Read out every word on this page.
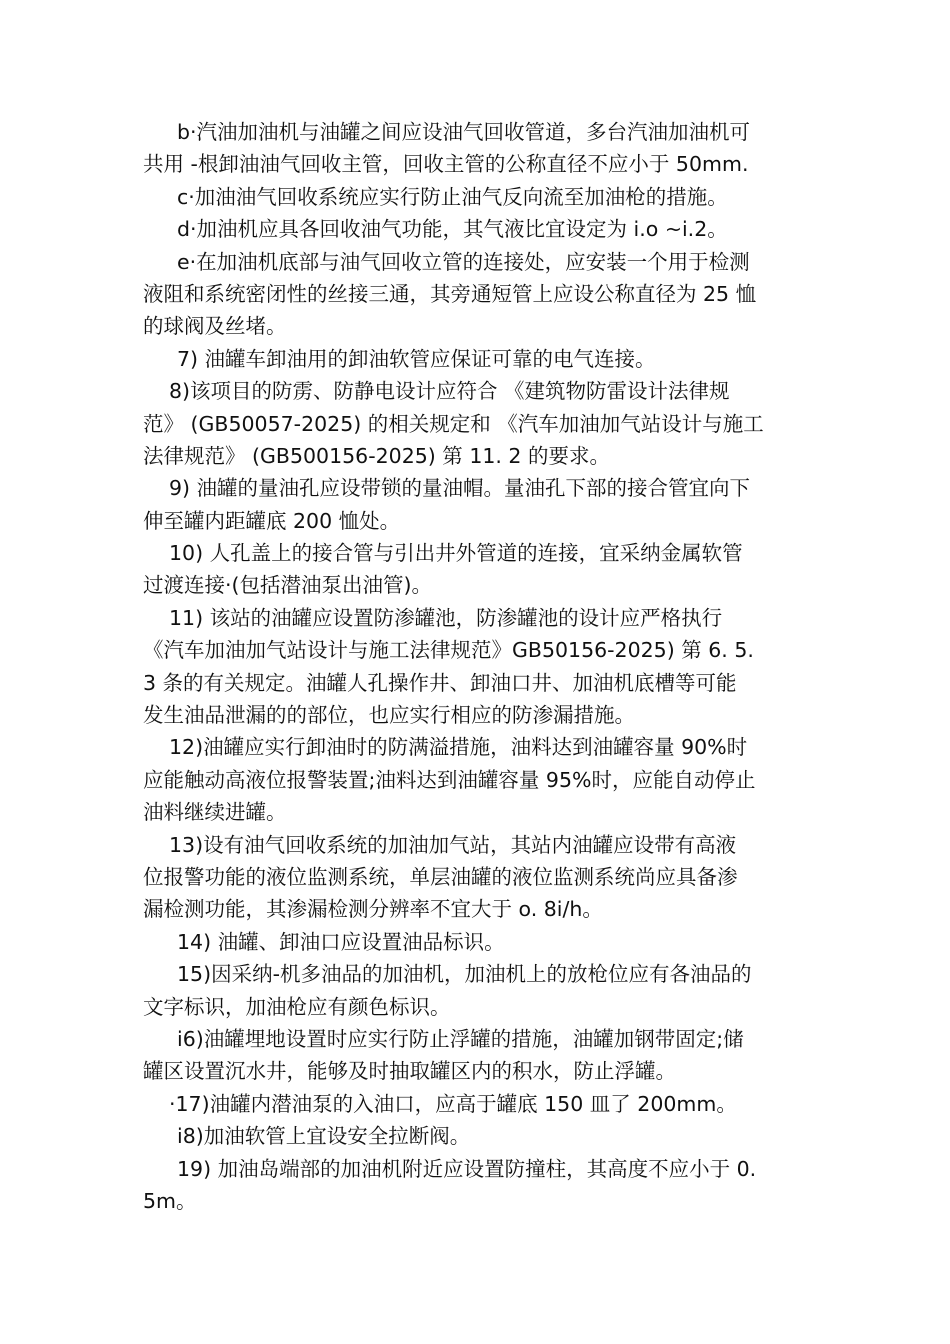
b·汽油加油机与油罐之间应设油气回收管道，多台汽油加油机可
共用 -根卸油油气回收主管，回收主管的公称直径不应小于 50mm.
c·加油油气回收系统应实行防止油气反向流至加油枪的措施。
d·加油机应具各回收油气功能，其气液比宜设定为 i.o ~i.2。
e·在加油机底部与油气回收立管的连接处，应安装一个用于检测
液阻和系统密闭性的丝接三通，其旁通短管上应设公称直径为 25 恤
的球阀及丝堵。
7) 油罐车卸油用的卸油软管应保证可靠的电气连接。
8)该项目的防雳、防静电设计应符合 《建筑物防雷设计法律规
范》 (GB50057-2025) 的相关规定和 《汽车加油加气站设计与施工
法律规范》 (GB500156-2025) 第 11. 2 的要求。
9) 油罐的量油孔应设带锁的量油帽。量油孔下部的接合管宜向下
伸至罐内距罐底 200 恤处。
10) 人孔盖上的接合管与引出井外管道的连接，宜采纳金属软管
过渡连接·(包括潜油泵出油管)。
11) 该站的油罐应设置防渗罐池，防渗罐池的设计应严格执行
《汽车加油加气站设计与施工法律规范》GB50156-2025) 第 6. 5.
3 条的有关规定。油罐人孔操作井、卸油口井、加油机底槽等可能
发生油品泄漏的的部位，也应实行相应的防渗漏措施。
12)油罐应实行卸油时的防满溢措施，油料达到油罐容量 90%时
应能触动高液位报警装置;油料达到油罐容量 95%时，应能自动停止
油料继续进罐。
13)设有油气回收系统的加油加气站，其站内油罐应设带有高液
位报警功能的液位监测系统，单层油罐的液位监测系统尚应具备渗
漏检测功能，其渗漏检测分辨率不宜大于 o. 8i/h。
14) 油罐、卸油口应设置油品标识。
15)因采纳-机多油品的加油机，加油机上的放枪位应有各油品的
文字标识，加油枪应有颜色标识。
i6)油罐埋地设置时应实行防止浮罐的措施，油罐加钢带固定;储
罐区设置沉水井，能够及时抽取罐区内的积水，防止浮罐。
·17)油罐内潜油泵的入油口，应高于罐底 150 皿了 200mm。
i8)加油软管上宜设安全拉断阀。
19) 加油岛端部的加油机附近应设置防撞柱，其高度不应小于 0.
5m。
